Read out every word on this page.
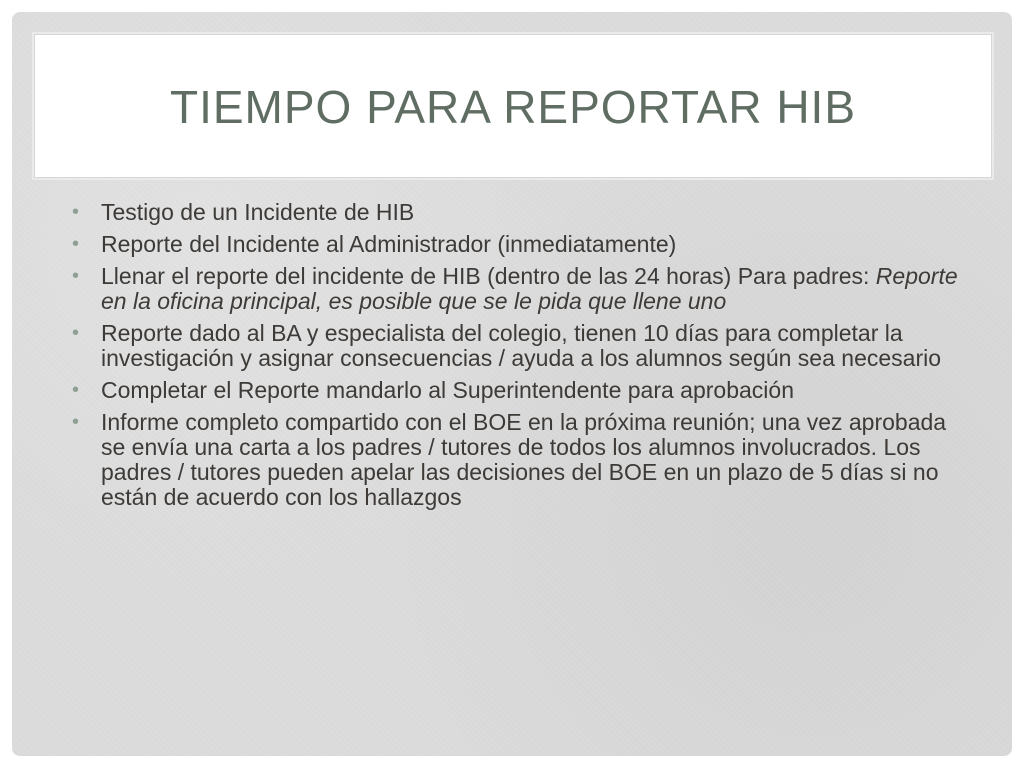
TIEMPO PARA REPORTAR HIB
• Testigo de un Incidente de HIB
• Reporte del Incidente al Administrador (inmediatamente)
• Llenar el reporte del incidente de HIB (dentro de las 24 horas) Para padres: Reporte en la oficina principal, es posible que se le pida que llene uno
• Reporte dado al BA y especialista del colegio, tienen 10 días para completar la investigación y asignar consecuencias / ayuda a los alumnos según sea necesario
• Completar el Reporte mandarlo al Superintendente para aprobación
• Informe completo compartido con el BOE en la próxima reunión; una vez aprobada se envía una carta a los padres / tutores de todos los alumnos involucrados. Los padres / tutores pueden apelar las decisiones del BOE en un plazo de 5 días si no están de acuerdo con los hallazgos
